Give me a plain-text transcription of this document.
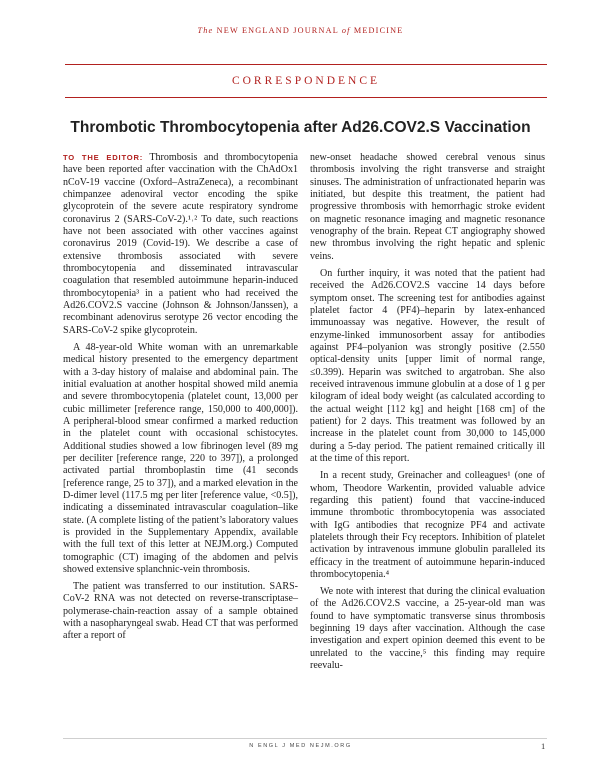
The NEW ENGLAND JOURNAL of MEDICINE
CORRESPONDENCE
Thrombotic Thrombocytopenia after Ad26.COV2.S Vaccination

TO THE EDITOR: Thrombosis and thrombocytopenia have been reported after vaccination with the ChAdOx1 nCoV-19 vaccine (Oxford–AstraZeneca), a recombinant chimpanzee adenoviral vector encoding the spike glycoprotein of the severe acute respiratory syndrome coronavirus 2 (SARS-CoV-2).¹˒² To date, such reactions have not been associated with other vaccines against coronavirus 2019 (Covid-19). We describe a case of extensive thrombosis associated with severe thrombocytopenia and disseminated intravascular coagulation that resembled autoimmune heparin-induced thrombocytopenia³ in a patient who had received the Ad26.COV2.S vaccine (Johnson & Johnson/Janssen), a recombinant adenovirus serotype 26 vector encoding the SARS-CoV-2 spike glycoprotein.

A 48-year-old White woman with an unremarkable medical history presented to the emergency department with a 3-day history of malaise and abdominal pain. The initial evaluation at another hospital showed mild anemia and severe thrombocytopenia (platelet count, 13,000 per cubic millimeter [reference range, 150,000 to 400,000]). A peripheral-blood smear confirmed a marked reduction in the platelet count with occasional schistocytes. Additional studies showed a low fibrinogen level (89 mg per deciliter [reference range, 220 to 397]), a prolonged activated partial thromboplastin time (41 seconds [reference range, 25 to 37]), and a marked elevation in the D-dimer level (117.5 mg per liter [reference value, <0.5]), indicating a disseminated intravascular coagulation–like state. (A complete listing of the patient’s laboratory values is provided in the Supplementary Appendix, available with the full text of this letter at NEJM.org.) Computed tomographic (CT) imaging of the abdomen and pelvis showed extensive splanchnic-vein thrombosis.

The patient was transferred to our institution. SARS-CoV-2 RNA was not detected on reverse-transcriptase–polymerase-chain-reaction assay of a sample obtained with a nasopharyngeal swab. Head CT that was performed after a report of

new-onset headache showed cerebral venous sinus thrombosis involving the right transverse and straight sinuses. The administration of unfractionated heparin was initiated, but despite this treatment, the patient had progressive thrombosis with hemorrhagic stroke evident on magnetic resonance imaging and magnetic resonance venography of the brain. Repeat CT angiography showed new thrombus involving the right hepatic and splenic veins.

On further inquiry, it was noted that the patient had received the Ad26.COV2.S vaccine 14 days before symptom onset. The screening test for antibodies against platelet factor 4 (PF4)–heparin by latex-enhanced immunoassay was negative. However, the result of enzyme-linked immunosorbent assay for antibodies against PF4–polyanion was strongly positive (2.550 optical-density units [upper limit of normal range, ≤0.399). Heparin was switched to argatroban. She also received intravenous immune globulin at a dose of 1 g per kilogram of ideal body weight (as calculated according to the actual weight [112 kg] and height [168 cm] of the patient) for 2 days. This treatment was followed by an increase in the platelet count from 30,000 to 145,000 during a 5-day period. The patient remained critically ill at the time of this report.

In a recent study, Greinacher and colleagues¹ (one of whom, Theodore Warkentin, provided valuable advice regarding this patient) found that vaccine-induced immune thrombotic thrombocytopenia was associated with IgG antibodies that recognize PF4 and activate platelets through their Fcγ receptors. Inhibition of platelet activation by intravenous immune globulin paralleled its efficacy in the treatment of autoimmune heparin-induced thrombocytopenia.⁴

We note with interest that during the clinical evaluation of the Ad26.COV2.S vaccine, a 25-year-old man was found to have symptomatic transverse sinus thrombosis beginning 19 days after vaccination. Although the case investigation and expert opinion deemed this event to be unrelated to the vaccine,⁵ this finding may require reevalu-

N ENGL J MED NEJM.ORG	1
